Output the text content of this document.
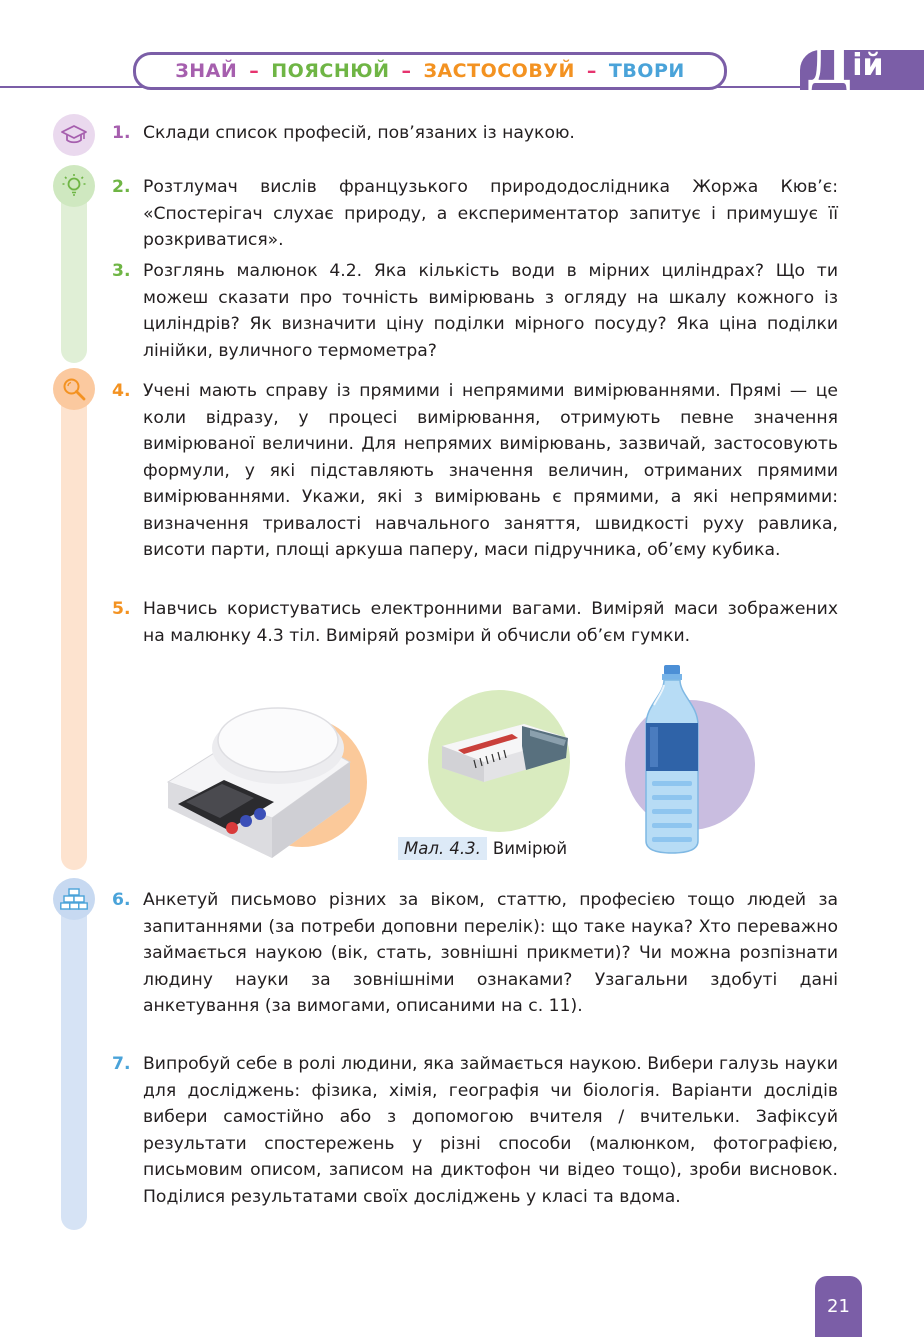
ЗНАЙ – ПОЯСНЮЙ – ЗАСТОСОВУЙ – ТВОРИ Дій
1. Склади список професій, пов’язаних із наукою.
2. Розтлумач вислів французького природодослідника Жоржа Кюв’є: «Спостерігач слухає природу, а експериментатор запитує і примушує її розкриватися».
3. Розглянь малюнок 4.2. Яка кількість води в мірних циліндрах? Що ти можеш сказати про точність вимірювань з огляду на шкалу кожного із циліндрів? Як визначити ціну поділки мірного посуду? Яка ціна поділки лінійки, вуличного термометра?
4. Учені мають справу із прямими і непрямими вимірюваннями. Прямі — це коли відразу, у процесі вимірювання, отримують певне значення вимірюваної величини. Для непрямих вимірювань, зазвичай, застосовують формули, у які підставляють значення величин, отриманих прямими вимірюваннями. Укажи, які з вимірювань є прямими, а які непрямими: визначення тривалості навчального заняття, швидкості руху равлика, висоти парти, площі аркуша паперу, маси підручника, об’єму кубика.
5. Навчись користуватись електронними вагами. Виміряй маси зображених на малюнку 4.3 тіл. Виміряй розміри й обчисли об’єм гумки.
Мал. 4.3. Вимірюй
6. Анкетуй письмово різних за віком, статтю, професією тощо людей за запитаннями (за потреби доповни перелік): що таке наука? Хто переважно займається наукою (вік, стать, зовнішні прикмети)? Чи можна розпізнати людину науки за зовнішніми ознаками? Узагальни здобуті дані анкетування (за вимогами, описаними на с. 11).
7. Випробуй себе в ролі людини, яка займається наукою. Вибери галузь науки для досліджень: фізика, хімія, географія чи біологія. Варіанти дослідів вибери самостійно або з допомогою вчителя / вчительки. Зафіксуй результати спостережень у різні способи (малюнком, фотографією, письмовим описом, записом на диктофон чи відео тощо), зроби висновок. Поділися результатами своїх досліджень у класі та вдома.
21
